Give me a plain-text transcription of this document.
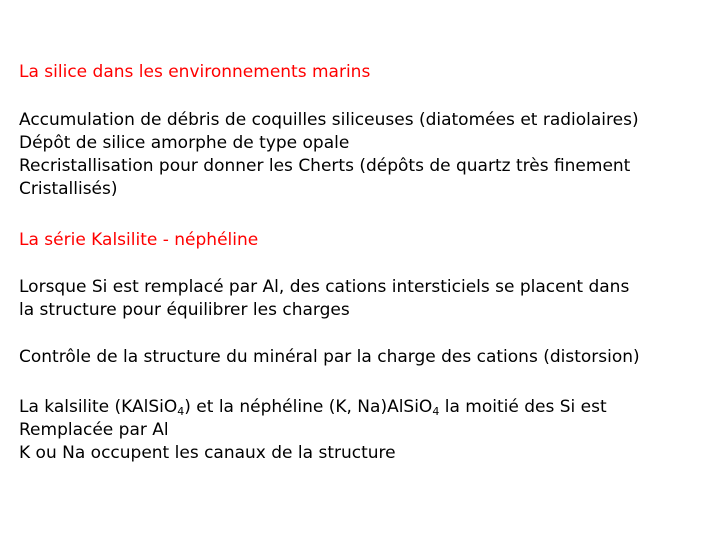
La silice dans les environnements marins
Accumulation de débris de coquilles siliceuses (diatomées et radiolaires)
Dépôt de silice amorphe de type opale
Recristallisation pour donner les Cherts (dépôts de quartz très finement
Cristallisés)
La série Kalsilite - néphéline
Lorsque Si est remplacé par Al, des cations intersticiels se placent dans
la structure pour équilibrer les charges
Contrôle de la structure du minéral par la charge des cations (distorsion)
La kalsilite (KAlSiO$_4$) et la néphéline (K, Na)AlSiO$_4$ la moitié des Si est
Remplacée par Al
K ou Na occupent les canaux de la structure
